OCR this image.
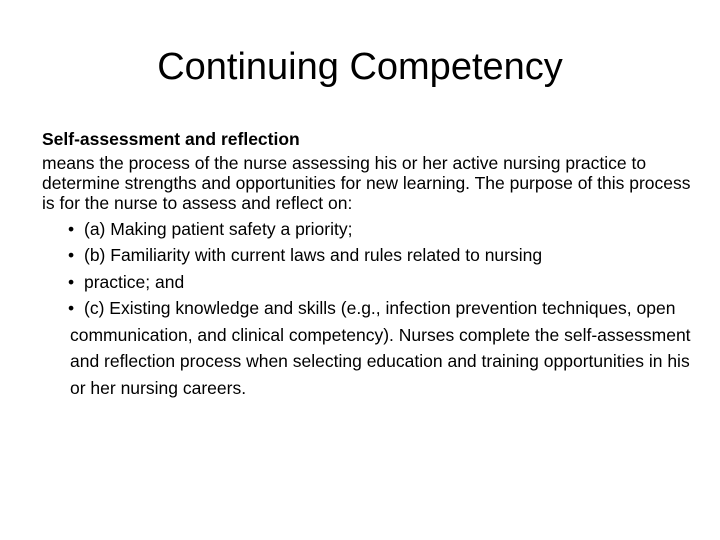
Continuing Competency

Self-assessment and reflection

means the process of the nurse assessing his or her active nursing practice to determine strengths and opportunities for new learning. The purpose of this process is for the nurse to assess and reflect on:

• (a) Making patient safety a priority;
• (b) Familiarity with current laws and rules related to nursing
• practice; and
• (c) Existing knowledge and skills (e.g., infection prevention techniques, open communication, and clinical competency). Nurses complete the self-assessment and reflection process when selecting education and training opportunities in his or her nursing careers.
